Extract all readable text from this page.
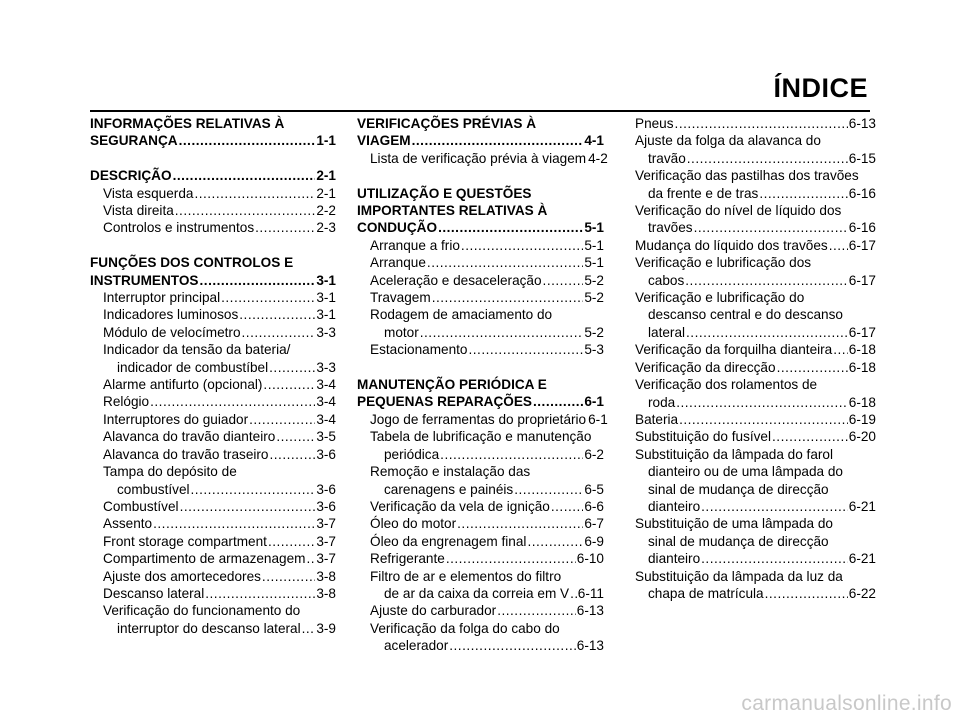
ÍNDICE
INFORMAÇÕES RELATIVAS À
SEGURANÇA .....	1-1
DESCRIÇÃO .....	2-1
Vista esquerda .....	2-1
Vista direita .....	2-2
Controlos e instrumentos .....	2-3
FUNÇÕES DOS CONTROLOS E
INSTRUMENTOS .....	3-1
Interruptor principal .....	3-1
Indicadores luminosos .....	3-1
Módulo de velocímetro .....	3-3
Indicador da tensão da bateria/
indicador de combustíbel .....	3-3
Alarme antifurto (opcional) .....	3-4
Relógio .....	3-4
Interruptores do guiador .....	3-4
Alavanca do travão dianteiro .....	3-5
Alavanca do travão traseiro .....	3-6
Tampa do depósito de
combustível .....	3-6
Combustível .....	3-6
Assento .....	3-7
Front storage compartment .....	3-7
Compartimento de armazenagem ..... 3-7
Ajuste dos amortecedores .....	3-8
Descanso lateral .....	3-8
Verificação do funcionamento do
interruptor do descanso lateral ..... 3-9
VERIFICAÇÕES PRÉVIAS À
VIAGEM .....	4-1
Lista de verificação prévia à viagem 4-2
UTILIZAÇÃO E QUESTÕES
IMPORTANTES RELATIVAS À
CONDUÇÃO .....	5-1
Arranque a frio .....	5-1
Arranque .....	5-1
Aceleração e desaceleração .....	5-2
Travagem .....	5-2
Rodagem de amaciamento do
motor .....	5-2
Estacionamento .....	5-3
MANUTENÇÃO PERIÓDICA E
PEQUENAS REPARAÇÕES .....	6-1
Jogo de ferramentas do proprietário 6-1
Tabela de lubrificação e manutenção
periódica .....	6-2
Remoção e instalação das
carenagens e painéis .....	6-5
Verificação da vela de ignição .....	6-6
Óleo do motor .....	6-7
Óleo da engrenagem final .....	6-9
Refrigerante .....	6-10
Filtro de ar e elementos do filtro
de ar da caixa da correia em V ..... 6-11
Ajuste do carburador .....	6-13
Verificação da folga do cabo do
acelerador .....	6-13
Pneus .....	6-13
Ajuste da folga da alavanca do
travão .....	6-15
Verificação das pastilhas dos travões
da frente e de tras .....	6-16
Verificação do nível de líquido dos
travões .....	6-16
Mudança do líquido dos travões ..... 6-17
Verificação e lubrificação dos
cabos .....	6-17
Verificação e lubrificação do
descanso central e do descanso
lateral .....	6-17
Verificação da forquilha dianteira ..... 6-18
Verificação da direcção .....	6-18
Verificação dos rolamentos de
roda .....	6-18
Bateria .....	6-19
Substituição do fusível .....	6-20
Substituição da lâmpada do farol
dianteiro ou de uma lâmpada do
sinal de mudança de direcção
dianteiro .....	6-21
Substituição de uma lâmpada do
sinal de mudança de direcção
dianteiro .....	6-21
Substituição da lâmpada da luz da
chapa de matrícula .....	6-22
carmanualsonline.info
